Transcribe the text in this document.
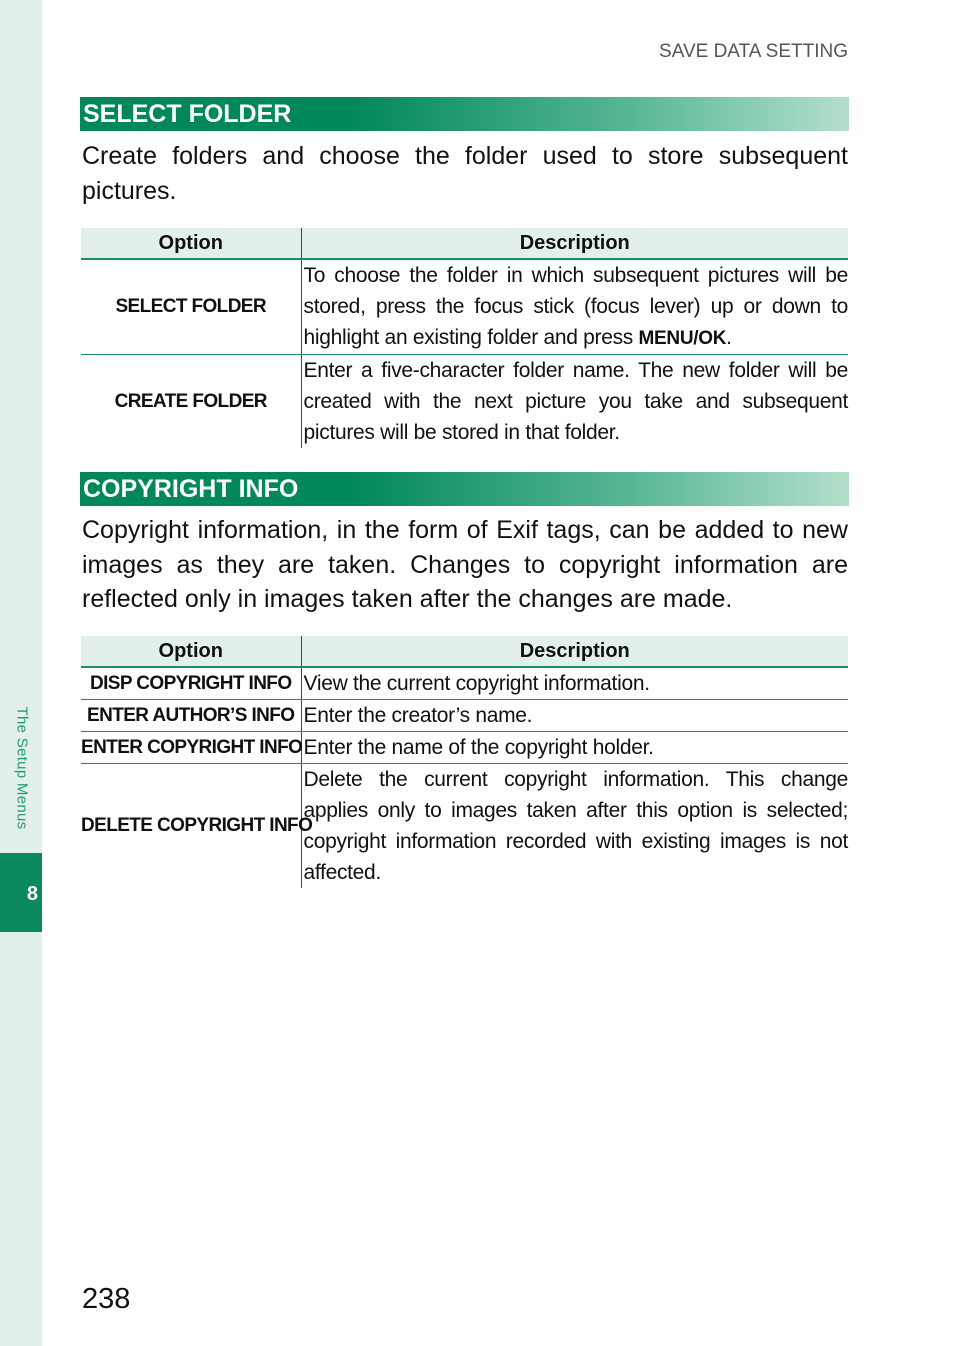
The Setup Menus
8
SAVE DATA SETTING
SELECT FOLDER

Create folders and choose the folder used to store subsequent pictures.

Option	Description
SELECT FOLDER	To choose the folder in which subsequent pictures will be stored, press the focus stick (focus lever) up or down to highlight an existing folder and press MENU/OK.
CREATE FOLDER	Enter a five-character folder name. The new folder will be created with the next picture you take and subsequent pictures will be stored in that folder.
COPYRIGHT INFO

Copyright information, in the form of Exif tags, can be added to new images as they are taken. Changes to copyright information are reflected only in images taken after the changes are made.

Option	Description
DISP COPYRIGHT INFO	View the current copyright information.
ENTER AUTHOR’S INFO	Enter the creator’s name.
ENTER COPYRIGHT INFO	Enter the name of the copyright holder.
DELETE COPYRIGHT INFO	Delete the current copyright information. This change applies only to images taken after this option is selected; copyright information recorded with existing images is not affected.
238
